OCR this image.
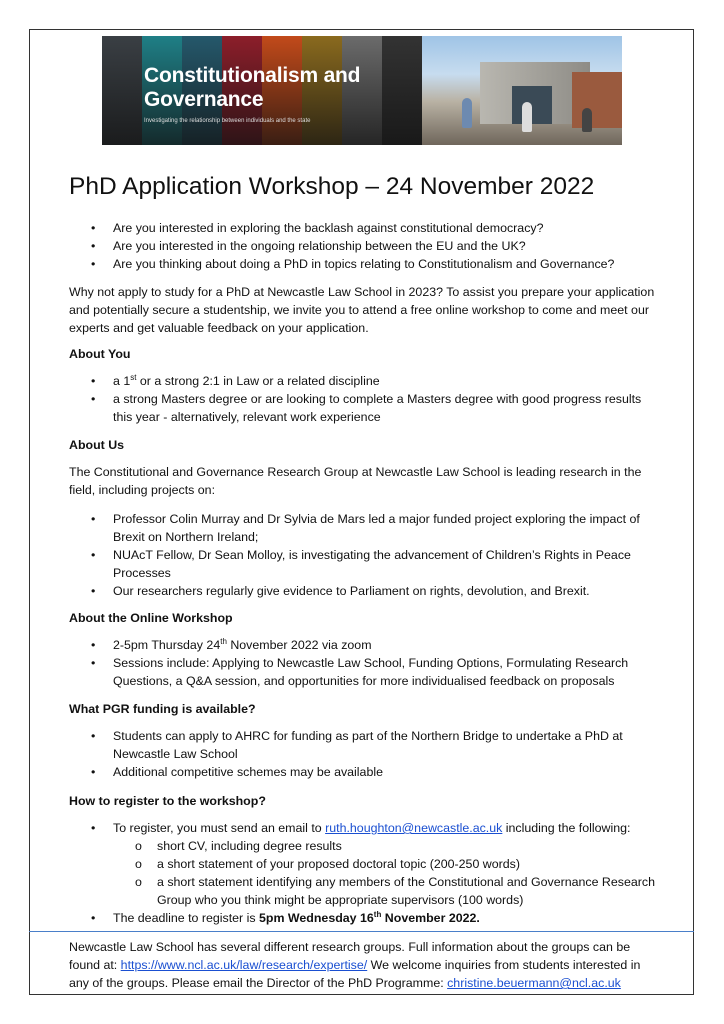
Constitutionalism and
Governance
Investigating the relationship between individuals and the state
PhD Application Workshop – 24 November 2022
• Are you interested in exploring the backlash against constitutional democracy?
• Are you interested in the ongoing relationship between the EU and the UK?
• Are you thinking about doing a PhD in topics relating to Constitutionalism and Governance?

Why not apply to study for a PhD at Newcastle Law School in 2023? To assist you prepare your application and potentially secure a studentship, we invite you to attend a free online workshop to come and meet our experts and get valuable feedback on your application.

About You

• a 1st or a strong 2:1 in Law or a related discipline
• a strong Masters degree or are looking to complete a Masters degree with good progress results this year - alternatively, relevant work experience

About Us

The Constitutional and Governance Research Group at Newcastle Law School is leading research in the field, including projects on:

• Professor Colin Murray and Dr Sylvia de Mars led a major funded project exploring the impact of Brexit on Northern Ireland;
• NUAcT Fellow, Dr Sean Molloy, is investigating the advancement of Children’s Rights in Peace Processes
• Our researchers regularly give evidence to Parliament on rights, devolution, and Brexit.

About the Online Workshop

• 2-5pm Thursday 24th November 2022 via zoom
• Sessions include: Applying to Newcastle Law School, Funding Options, Formulating Research Questions, a Q&A session, and opportunities for more individualised feedback on proposals

What PGR funding is available?

• Students can apply to AHRC for funding as part of the Northern Bridge to undertake a PhD at Newcastle Law School
• Additional competitive schemes may be available

How to register to the workshop?

• To register, you must send an email to ruth.houghton@newcastle.ac.uk including the following:
o short CV, including degree results
o a short statement of your proposed doctoral topic (200-250 words)
o a short statement identifying any members of the Constitutional and Governance Research Group who you think might be appropriate supervisors (100 words)
• The deadline to register is 5pm Wednesday 16th November 2022.

Newcastle Law School has several different research groups. Full information about the groups can be found at: https://www.ncl.ac.uk/law/research/expertise/ We welcome inquiries from students interested in any of the groups. Please email the Director of the PhD Programme: christine.beuermann@ncl.ac.uk
